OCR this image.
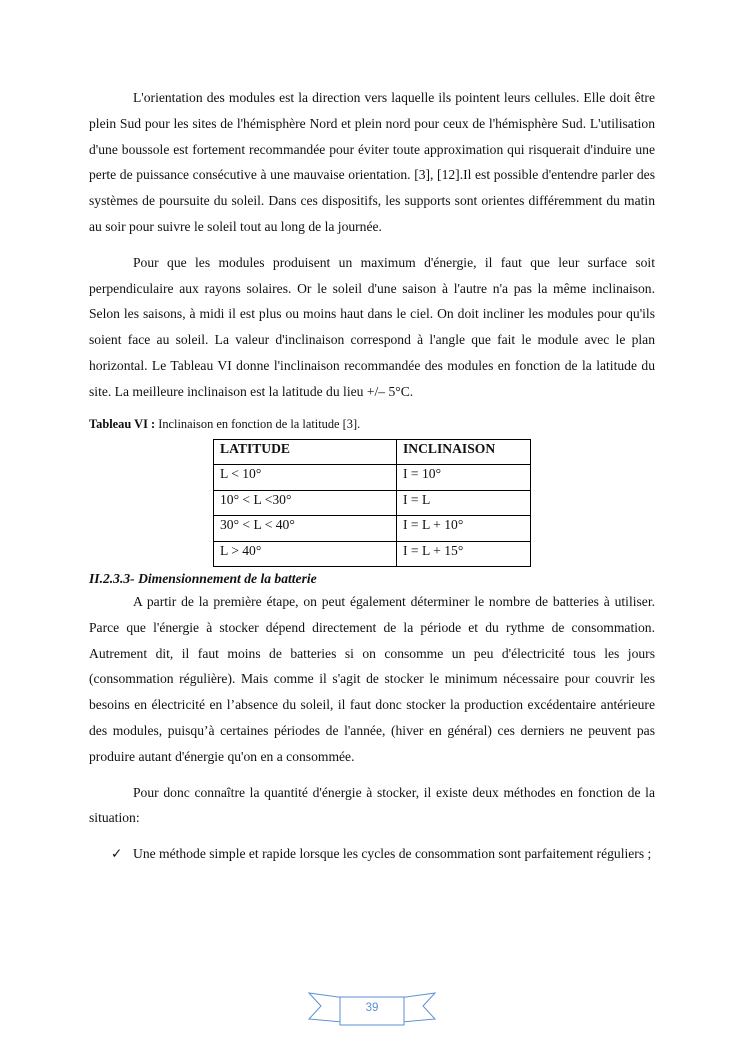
L'orientation des modules est la direction vers laquelle ils pointent leurs cellules. Elle doit être plein Sud pour les sites de l'hémisphère Nord et plein nord pour ceux de l'hémisphère Sud. L'utilisation d'une boussole est fortement recommandée pour éviter toute approximation qui risquerait d'induire une perte de puissance consécutive à une mauvaise orientation. [3], [12].Il est possible d'entendre parler des systèmes de poursuite du soleil. Dans ces dispositifs, les supports sont orientes différemment du matin au soir pour suivre le soleil tout au long de la journée.

Pour que les modules produisent un maximum d'énergie, il faut que leur surface soit perpendiculaire aux rayons solaires. Or le soleil d'une saison à l'autre n'a pas la même inclinaison. Selon les saisons, à midi il est plus ou moins haut dans le ciel. On doit incliner les modules pour qu'ils soient face au soleil. La valeur d'inclinaison correspond à l'angle que fait le module avec le plan horizontal. Le Tableau VI donne l'inclinaison recommandée des modules en fonction de la latitude du site. La meilleure inclinaison est la latitude du lieu +/– 5°C.

Tableau VI : Inclinaison en fonction de la latitude [3].
LATITUDE	INCLINAISON
L < 10°	I = 10°
10° < L <30°	I = L
30° < L < 40°	I = L + 10°
L > 40°	I = L + 15°
II.2.3.3- Dimensionnement de la batterie

A partir de la première étape, on peut également déterminer le nombre de batteries à utiliser. Parce que l'énergie à stocker dépend directement de la période et du rythme de consommation. Autrement dit, il faut moins de batteries si on consomme un peu d'électricité tous les jours (consommation régulière). Mais comme il s'agit de stocker le minimum nécessaire pour couvrir les besoins en électricité en l’absence du soleil, il faut donc stocker la production excédentaire antérieure des modules, puisqu’à certaines périodes de l'année, (hiver en général) ces derniers ne peuvent pas produire autant d'énergie qu'on en a consommée.

Pour donc connaître la quantité d'énergie à stocker, il existe deux méthodes en fonction de la situation:

✓ Une méthode simple et rapide lorsque les cycles de consommation sont parfaitement réguliers ;
39
